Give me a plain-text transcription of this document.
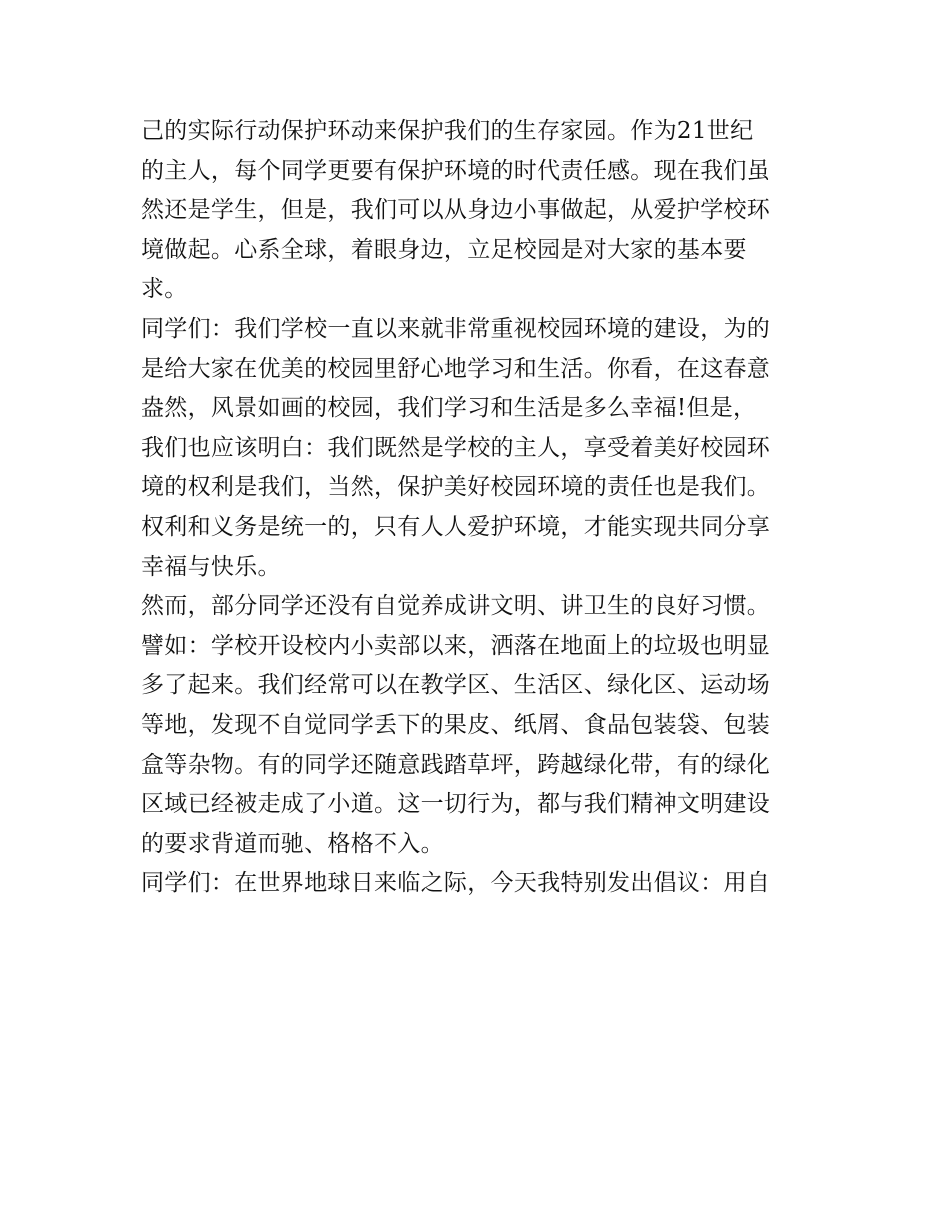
己的实际行动保护环动来保护我们的生存家园。作为21世纪
的主人，每个同学更要有保护环境的时代责任感。现在我们虽
然还是学生，但是，我们可以从身边小事做起，从爱护学校环
境做起。心系全球，着眼身边，立足校园是对大家的基本要
求。
同学们：我们学校一直以来就非常重视校园环境的建设，为的
是给大家在优美的校园里舒心地学习和生活。你看，在这春意
盎然，风景如画的校园，我们学习和生活是多么幸福!但是，
我们也应该明白：我们既然是学校的主人，享受着美好校园环
境的权利是我们，当然，保护美好校园环境的责任也是我们。
权利和义务是统一的，只有人人爱护环境，才能实现共同分享
幸福与快乐。
然而，部分同学还没有自觉养成讲文明、讲卫生的良好习惯。
譬如：学校开设校内小卖部以来，洒落在地面上的垃圾也明显
多了起来。我们经常可以在教学区、生活区、绿化区、运动场
等地，发现不自觉同学丢下的果皮、纸屑、食品包装袋、包装
盒等杂物。有的同学还随意践踏草坪，跨越绿化带，有的绿化
区域已经被走成了小道。这一切行为，都与我们精神文明建设
的要求背道而驰、格格不入。
同学们：在世界地球日来临之际，今天我特别发出倡议：用自
